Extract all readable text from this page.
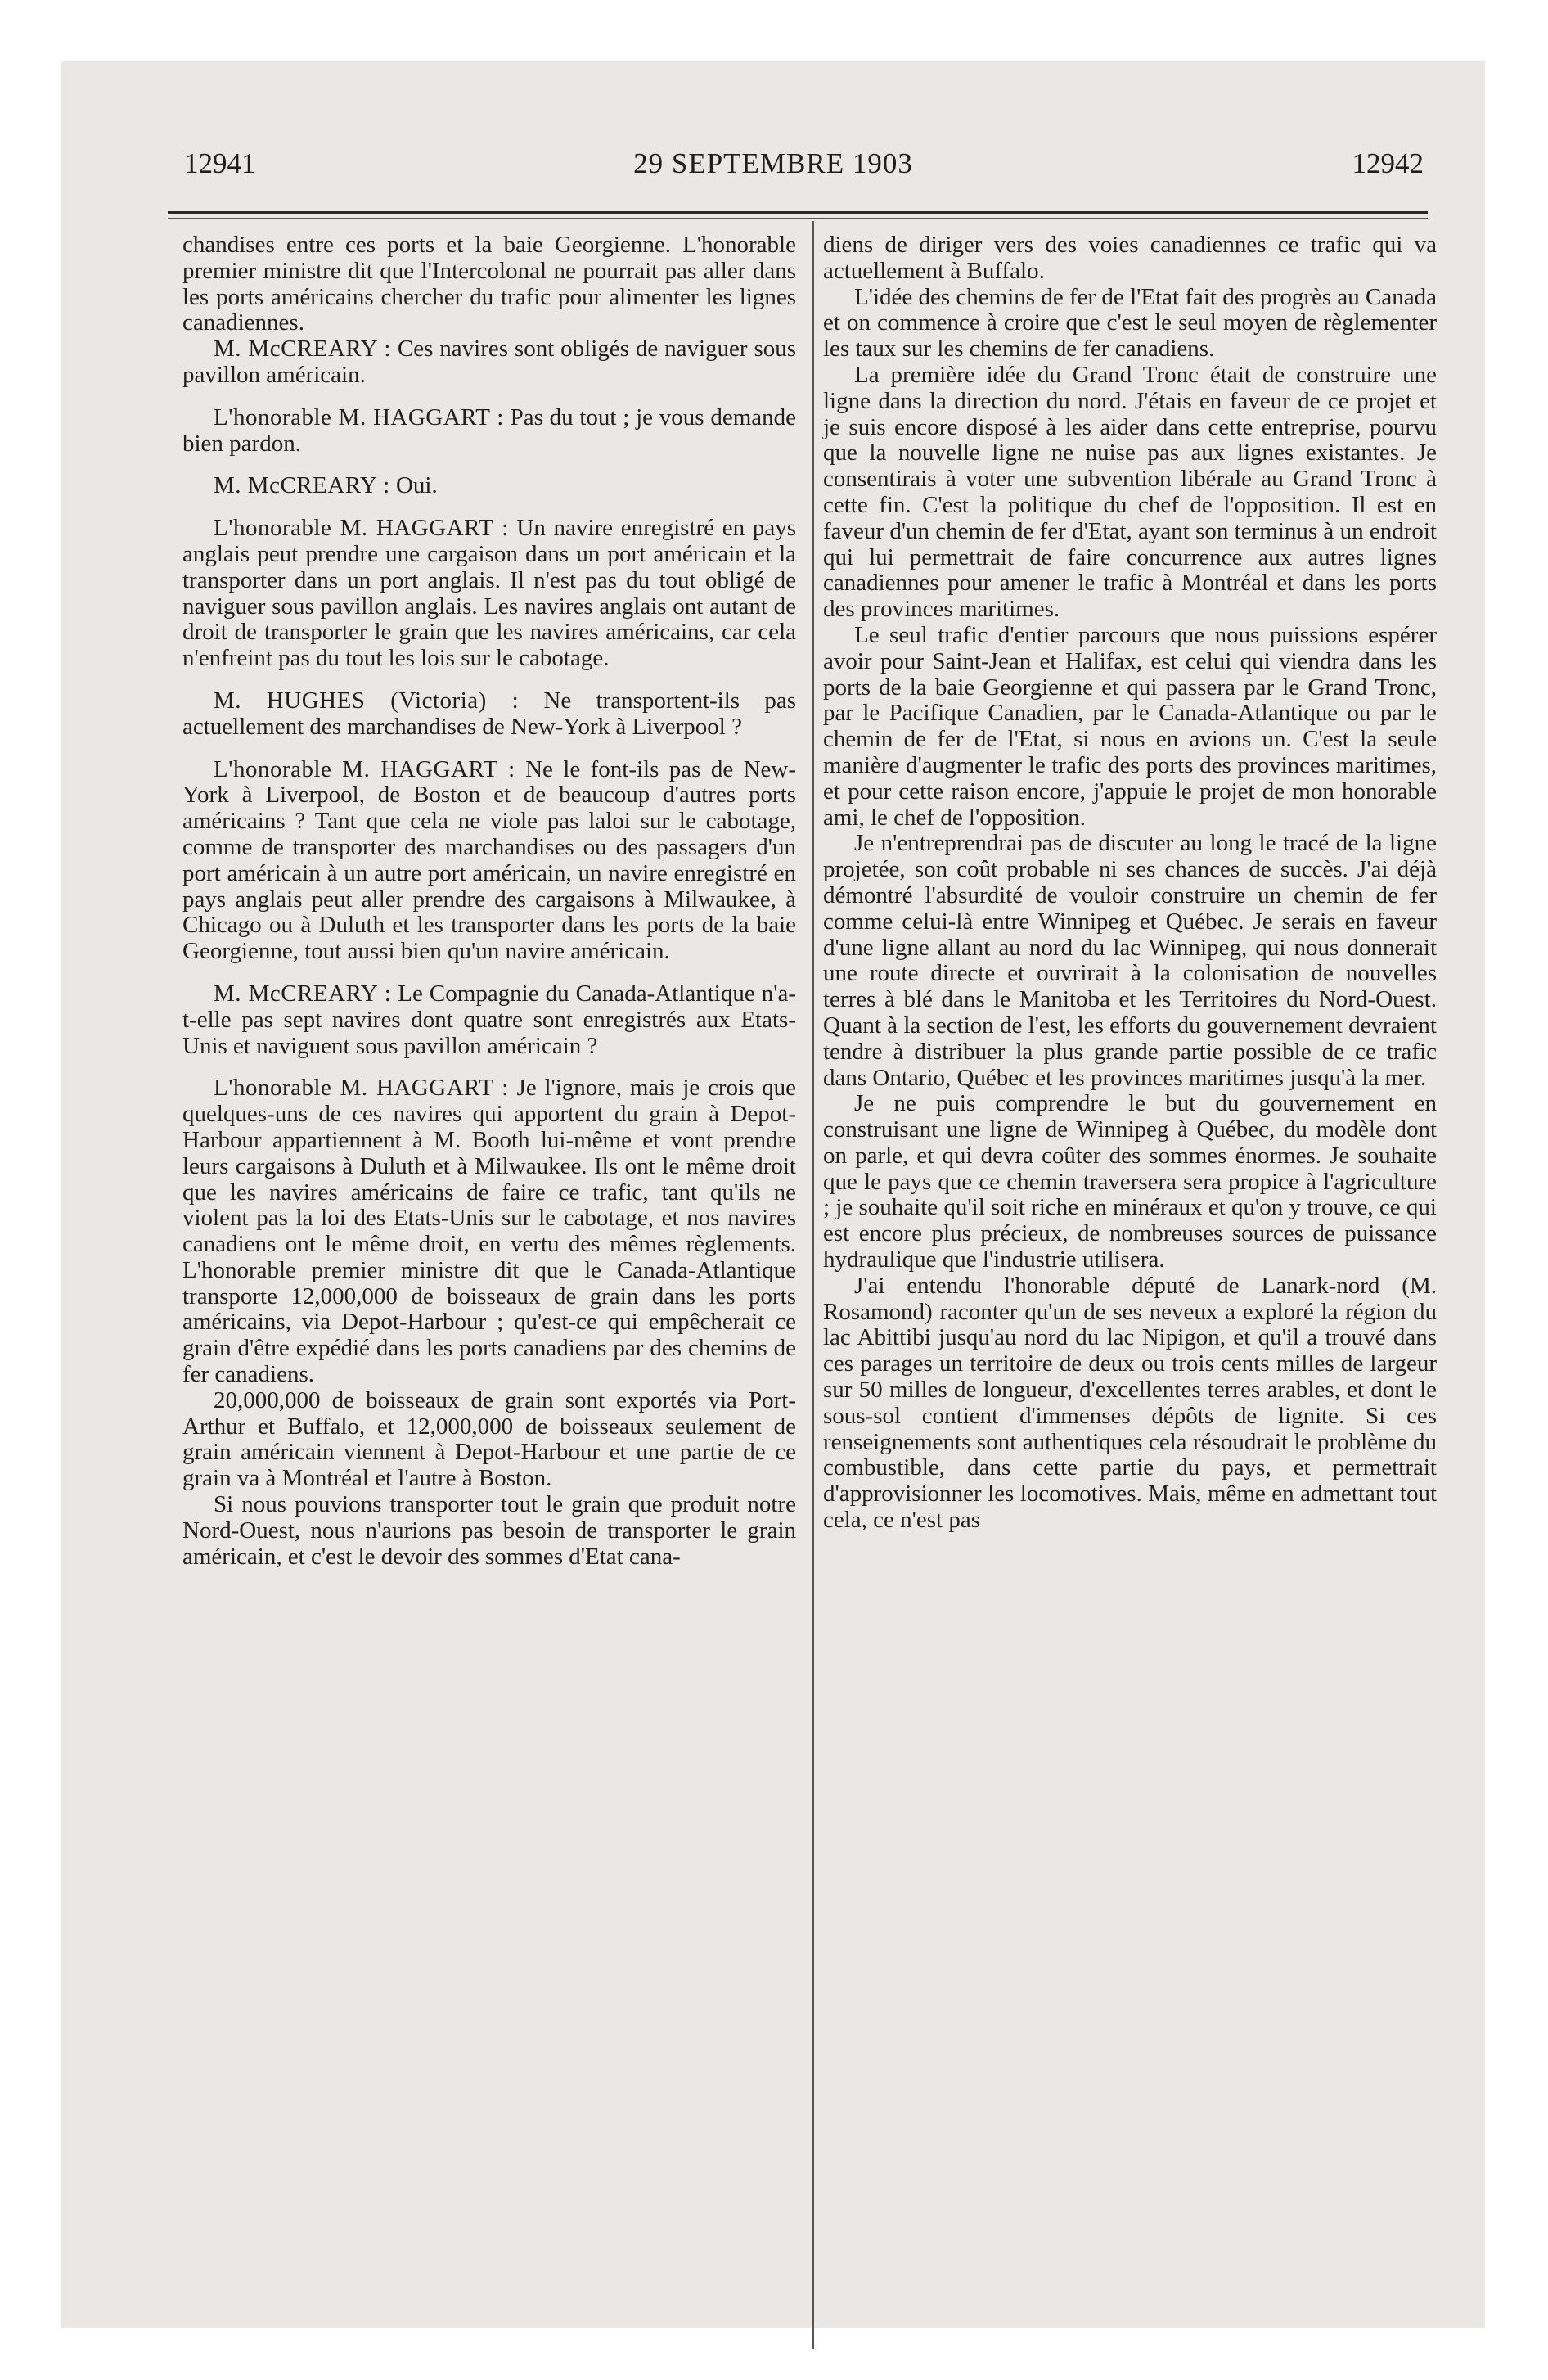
12941	29 SEPTEMBRE 1903	12942

chandises entre ces ports et la baie Georgienne. L'honorable premier ministre dit que l'Intercolonal ne pourrait pas aller dans les ports américains chercher du trafic pour alimenter les lignes canadiennes.

M. McCREARY : Ces navires sont obligés de naviguer sous pavillon américain.

L'honorable M. HAGGART : Pas du tout ; je vous demande bien pardon.

M. McCREARY : Oui.

L'honorable M. HAGGART : Un navire enregistré en pays anglais peut prendre une cargaison dans un port américain et la transporter dans un port anglais. Il n'est pas du tout obligé de naviguer sous pavillon anglais. Les navires anglais ont autant de droit de transporter le grain que les navires américains, car cela n'enfreint pas du tout les lois sur le cabotage.

M. HUGHES (Victoria) : Ne transportent-ils pas actuellement des marchandises de New-York à Liverpool ?

L'honorable M. HAGGART : Ne le font-ils pas de New-York à Liverpool, de Boston et de beaucoup d'autres ports américains ? Tant que cela ne viole pas laloi sur le cabotage, comme de transporter des marchandises ou des passagers d'un port américain à un autre port américain, un navire enregistré en pays anglais peut aller prendre des cargaisons à Milwaukee, à Chicago ou à Duluth et les transporter dans les ports de la baie Georgienne, tout aussi bien qu'un navire américain.

M. McCREARY : Le Compagnie du Canada-Atlantique n'a-t-elle pas sept navires dont quatre sont enregistrés aux Etats-Unis et naviguent sous pavillon américain ?

L'honorable M. HAGGART : Je l'ignore, mais je crois que quelques-uns de ces navires qui apportent du grain à Depot-Harbour appartiennent à M. Booth lui-même et vont prendre leurs cargaisons à Duluth et à Milwaukee. Ils ont le même droit que les navires américains de faire ce trafic, tant qu'ils ne violent pas la loi des Etats-Unis sur le cabotage, et nos navires canadiens ont le même droit, en vertu des mêmes règlements. L'honorable premier ministre dit que le Canada-Atlantique transporte 12,000,000 de boisseaux de grain dans les ports américains, via Depot-Harbour ; qu'est-ce qui empêcherait ce grain d'être expédié dans les ports canadiens par des chemins de fer canadiens.

20,000,000 de boisseaux de grain sont exportés via Port-Arthur et Buffalo, et 12,000,000 de boisseaux seulement de grain américain viennent à Depot-Harbour et une partie de ce grain va à Montréal et l'autre à Boston.

Si nous pouvions transporter tout le grain que produit notre Nord-Ouest, nous n'aurions pas besoin de transporter le grain américain, et c'est le devoir des sommes d'Etat cana-

diens de diriger vers des voies canadiennes ce trafic qui va actuellement à Buffalo.

L'idée des chemins de fer de l'Etat fait des progrès au Canada et on commence à croire que c'est le seul moyen de règlementer les taux sur les chemins de fer canadiens.

La première idée du Grand Tronc était de construire une ligne dans la direction du nord. J'étais en faveur de ce projet et je suis encore disposé à les aider dans cette entreprise, pourvu que la nouvelle ligne ne nuise pas aux lignes existantes. Je consentirais à voter une subvention libérale au Grand Tronc à cette fin. C'est la politique du chef de l'opposition. Il est en faveur d'un chemin de fer d'Etat, ayant son terminus à un endroit qui lui permettrait de faire concurrence aux autres lignes canadiennes pour amener le trafic à Montréal et dans les ports des provinces maritimes.

Le seul trafic d'entier parcours que nous puissions espérer avoir pour Saint-Jean et Halifax, est celui qui viendra dans les ports de la baie Georgienne et qui passera par le Grand Tronc, par le Pacifique Canadien, par le Canada-Atlantique ou par le chemin de fer de l'Etat, si nous en avions un. C'est la seule manière d'augmenter le trafic des ports des provinces maritimes, et pour cette raison encore, j'appuie le projet de mon honorable ami, le chef de l'opposition.

Je n'entreprendrai pas de discuter au long le tracé de la ligne projetée, son coût probable ni ses chances de succès. J'ai déjà démontré l'absurdité de vouloir construire un chemin de fer comme celui-là entre Winnipeg et Québec. Je serais en faveur d'une ligne allant au nord du lac Winnipeg, qui nous donnerait une route directe et ouvrirait à la colonisation de nouvelles terres à blé dans le Manitoba et les Territoires du Nord-Ouest. Quant à la section de l'est, les efforts du gouvernement devraient tendre à distribuer la plus grande partie possible de ce trafic dans Ontario, Québec et les provinces maritimes jusqu'à la mer.

Je ne puis comprendre le but du gouvernement en construisant une ligne de Winnipeg à Québec, du modèle dont on parle, et qui devra coûter des sommes énormes. Je souhaite que le pays que ce chemin traversera sera propice à l'agriculture ; je souhaite qu'il soit riche en minéraux et qu'on y trouve, ce qui est encore plus précieux, de nombreuses sources de puissance hydraulique que l'industrie utilisera.

J'ai entendu l'honorable député de Lanark-nord (M. Rosamond) raconter qu'un de ses neveux a exploré la région du lac Abittibi jusqu'au nord du lac Nipigon, et qu'il a trouvé dans ces parages un territoire de deux ou trois cents milles de largeur sur 50 milles de longueur, d'excellentes terres arables, et dont le sous-sol contient d'immenses dépôts de lignite. Si ces renseignements sont authentiques cela résoudrait le problème du combustible, dans cette partie du pays, et permettrait d'approvisionner les locomotives. Mais, même en admettant tout cela, ce n'est pas
